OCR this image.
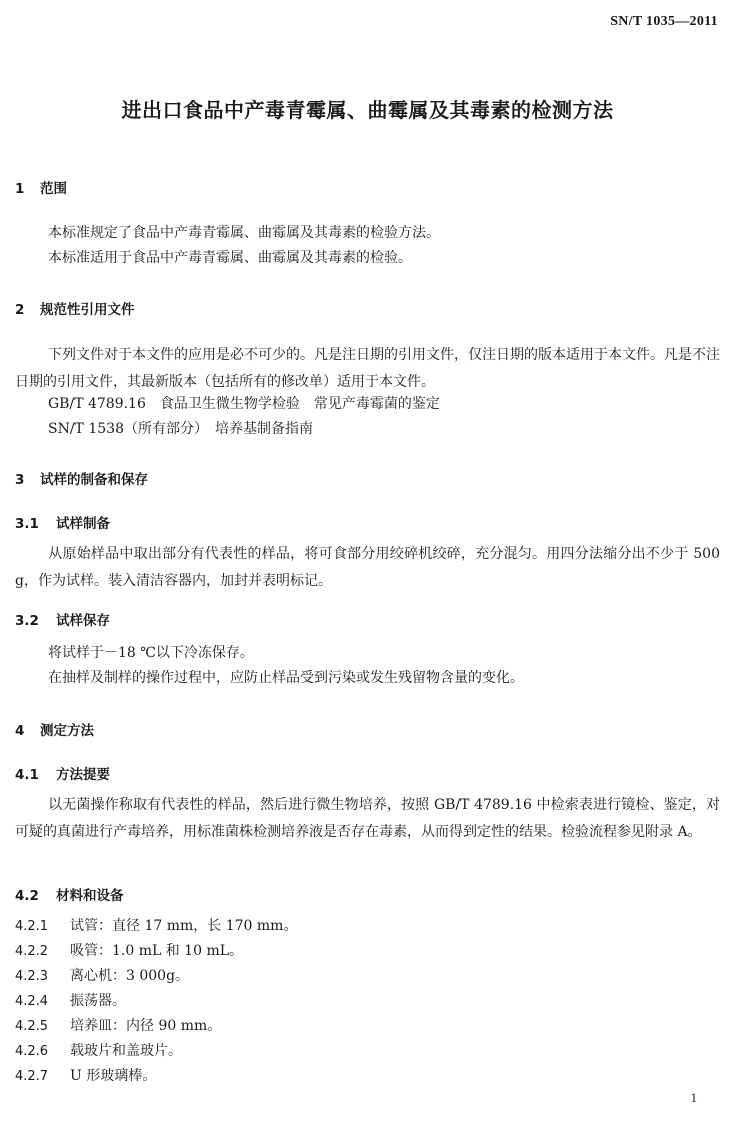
SN/T 1035—2011
进出口食品中产毒青霉属、曲霉属及其毒素的检测方法
1 范围
本标准规定了食品中产毒青霉属、曲霉属及其毒素的检验方法。
本标准适用于食品中产毒青霉属、曲霉属及其毒素的检验。
2 规范性引用文件
下列文件对于本文件的应用是必不可少的。凡是注日期的引用文件，仅注日期的版本适用于本文件。凡是不注日期的引用文件，其最新版本（包括所有的修改单）适用于本文件。
GB/T 4789.16　食品卫生微生物学检验　常见产毒霉菌的鉴定
SN/T 1538（所有部分）　培养基制备指南
3 试样的制备和保存
3.1 试样制备
从原始样品中取出部分有代表性的样品，将可食部分用绞碎机绞碎，充分混匀。用四分法缩分出不少于 500 g，作为试样。装入清洁容器内，加封并表明标记。
3.2 试样保存
将试样于－18 ℃以下冷冻保存。
在抽样及制样的操作过程中，应防止样品受到污染或发生残留物含量的变化。
4 测定方法
4.1 方法提要
以无菌操作称取有代表性的样品，然后进行微生物培养，按照 GB/T 4789.16 中检索表进行镜检、鉴定，对可疑的真菌进行产毒培养，用标准菌株检测培养液是否存在毒素，从而得到定性的结果。检验流程参见附录 A。
4.2 材料和设备
4.2.1 试管：直径 17 mm，长 170 mm。
4.2.2 吸管：1.0 mL 和 10 mL。
4.2.3 离心机：3 000g。
4.2.4 振荡器。
4.2.5 培养皿：内径 90 mm。
4.2.6 载玻片和盖玻片。
4.2.7 U 形玻璃棒。
1
